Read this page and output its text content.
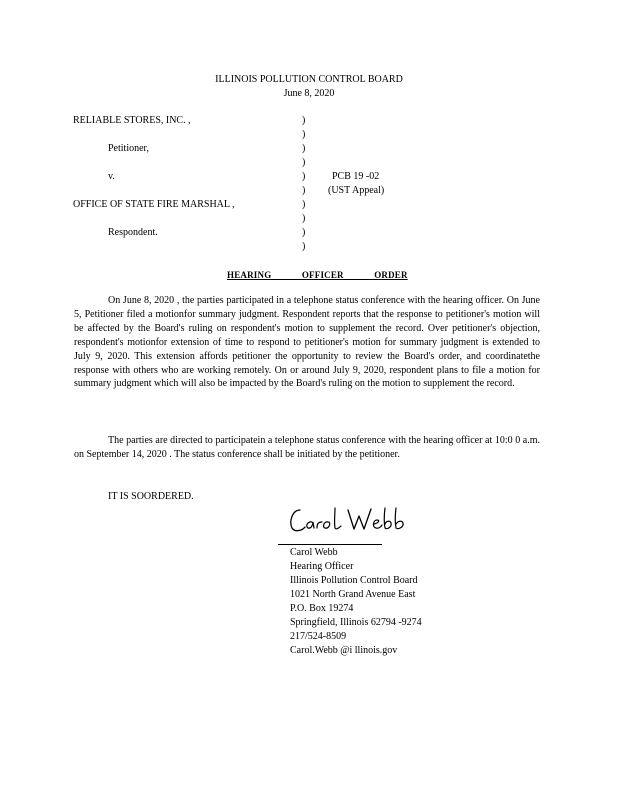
ILLINOIS POLLUTION CONTROL BOARD
June 8, 2020
RELIABLE STORES, INC. ,
Petitioner,
v.
OFFICE OF STATE FIRE MARSHAL ,
Respondent.
)
)
)
)
)
)
)
)
)
)
PCB 19 -02
(UST Appeal)
HEARING OFFICER ORDER
On June 8, 2020 , the parties participated in a telephone status conference with the hearing officer. On June 5, Petitioner filed a motionfor summary judgment. Respondent reports that the response to petitioner's motion will be affected by the Board's ruling on respondent's motion to supplement the record. Over petitioner's objection, respondent's motionfor extension of time to respond to petitioner's motion for summary judgment is extended to July 9, 2020. This extension affords petitioner the opportunity to review the Board's order, and coordinatethe response with others who are working remotely. On or around July 9, 2020, respondent plans to file a motion for summary judgment which will also be impacted by the Board's ruling on the motion to supplement the record.
The parties are directed to participatein a telephone status conference with the hearing officer at 10:0 0 a.m. on September 14, 2020 . The status conference shall be initiated by the petitioner.
IT IS SOORDERED.
Carol Webb
Hearing Officer
Illinois Pollution Control Board
1021 North Grand Avenue East
P.O. Box 19274
Springfield, Illinois 62794 -9274
217/524-8509
Carol.Webb @i llinois.gov
